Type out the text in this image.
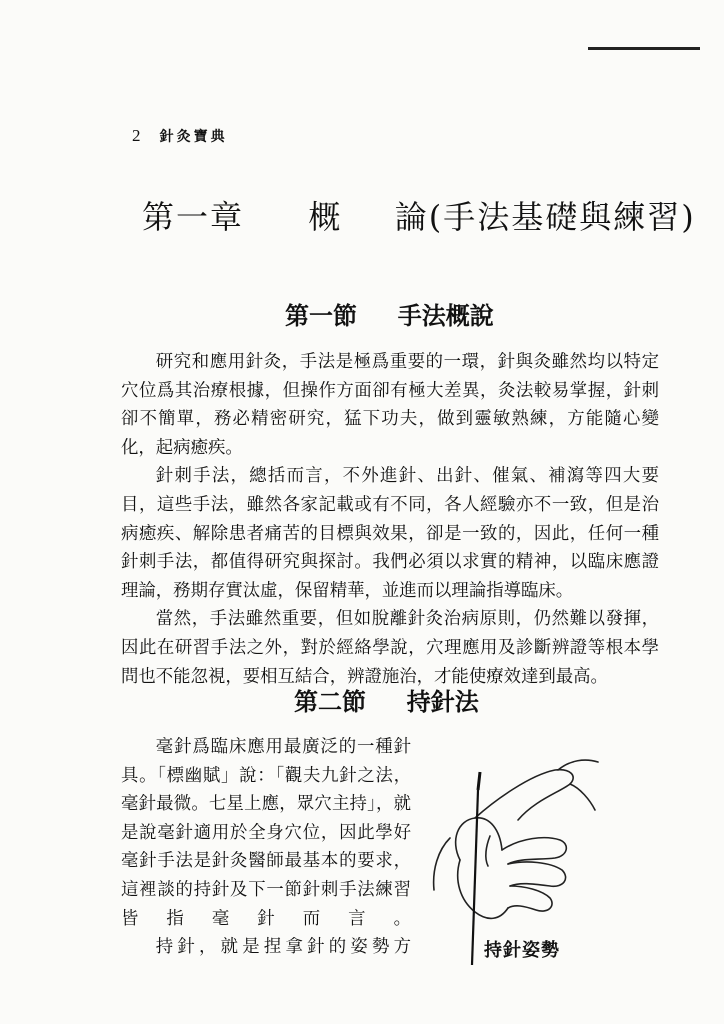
2 針灸寶典
第一章 概 論(手法基礎與練習)
第一節 手法概說

研究和應用針灸，手法是極爲重要的一環，針與灸雖然均以特定穴位爲其治療根據，但操作方面卻有極大差異，灸法較易掌握，針刺卻不簡單，務必精密研究，猛下功夫，做到靈敏熟練，方能隨心變化，起病癒疾。

針刺手法，總括而言，不外進針、出針、催氣、補瀉等四大要目，這些手法，雖然各家記載或有不同，各人經驗亦不一致，但是治病癒疾、解除患者痛苦的目標與效果，卻是一致的，因此，任何一種針刺手法，都值得研究與探討。我們必須以求實的精神，以臨床應證理論，務期存實汰虛，保留精華，並進而以理論指導臨床。

當然，手法雖然重要，但如脫離針灸治病原則，仍然難以發揮，因此在研習手法之外，對於經絡學說，穴理應用及診斷辨證等根本學問也不能忽視，要相互結合，辨證施治，才能使療效達到最高。

第二節 持針法

毫針爲臨床應用最廣泛的一種針具。「標幽賦」說：「觀夫九針之法，毫針最微。七星上應，眾穴主持」，就是說毫針適用於全身穴位，因此學好毫針手法是針灸醫師最基本的要求，這裡談的持針及下一節針刺手法練習皆指毫針而言。

持針，就是捏拿針的姿勢方	持針姿勢
